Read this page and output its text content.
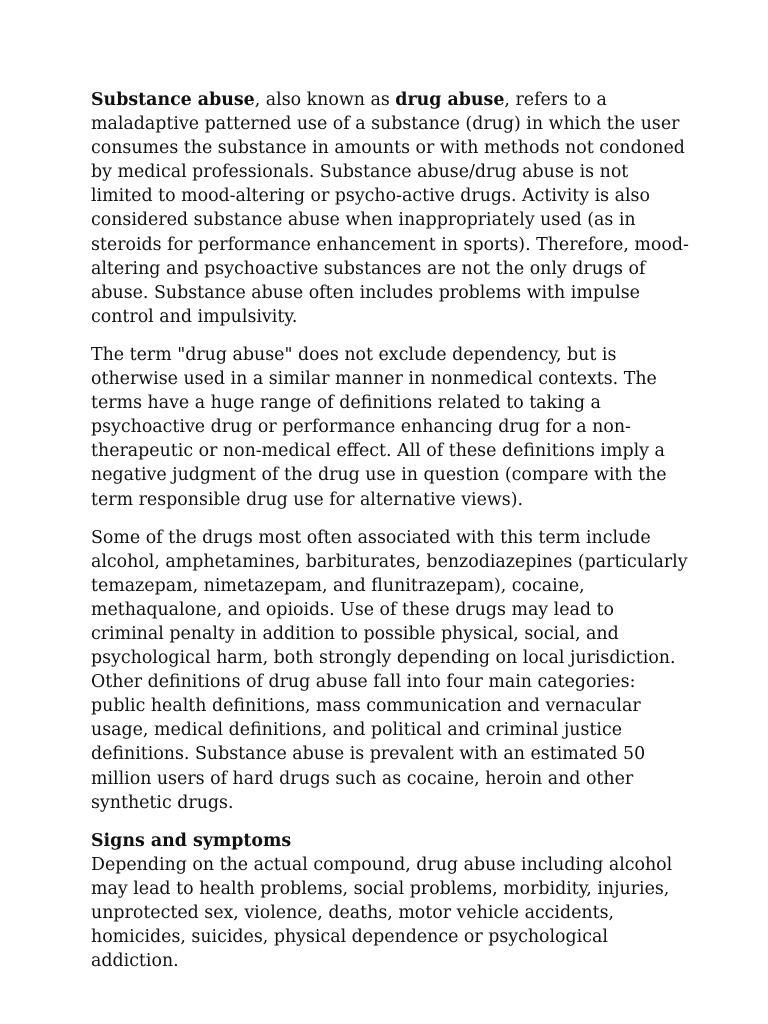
Substance abuse, also known as drug abuse, refers to a maladaptive patterned use of a substance (drug) in which the user consumes the substance in amounts or with methods not condoned by medical professionals. Substance abuse/drug abuse is not limited to mood-altering or psycho-active drugs. Activity is also considered substance abuse when inappropriately used (as in steroids for performance enhancement in sports). Therefore, mood-altering and psychoactive substances are not the only drugs of abuse. Substance abuse often includes problems with impulse control and impulsivity.

The term "drug abuse" does not exclude dependency, but is otherwise used in a similar manner in nonmedical contexts. The terms have a huge range of definitions related to taking a psychoactive drug or performance enhancing drug for a non-therapeutic or non-medical effect. All of these definitions imply a negative judgment of the drug use in question (compare with the term responsible drug use for alternative views).

Some of the drugs most often associated with this term include alcohol, amphetamines, barbiturates, benzodiazepines (particularly temazepam, nimetazepam, and flunitrazepam), cocaine, methaqualone, and opioids. Use of these drugs may lead to criminal penalty in addition to possible physical, social, and psychological harm, both strongly depending on local jurisdiction. Other definitions of drug abuse fall into four main categories: public health definitions, mass communication and vernacular usage, medical definitions, and political and criminal justice definitions. Substance abuse is prevalent with an estimated 50 million users of hard drugs such as cocaine, heroin and other synthetic drugs.

Signs and symptoms

Depending on the actual compound, drug abuse including alcohol may lead to health problems, social problems, morbidity, injuries, unprotected sex, violence, deaths, motor vehicle accidents, homicides, suicides, physical dependence or psychological addiction.
